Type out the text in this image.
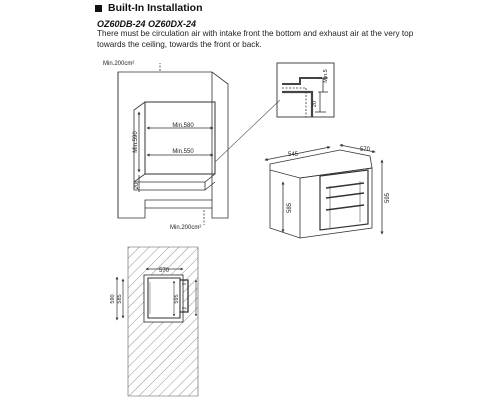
Built-In Installation
OZ60DB-24 OZ60DX-24
There must be circulation air with intake front the bottom and exhaust air at the very top towards the ceiling, towards the front or back.
Min.200cm²
Min.580
Min.550
Min.590
20
Min.200cm²
Min.5
20
545
570
585
595
570
590 585	595
